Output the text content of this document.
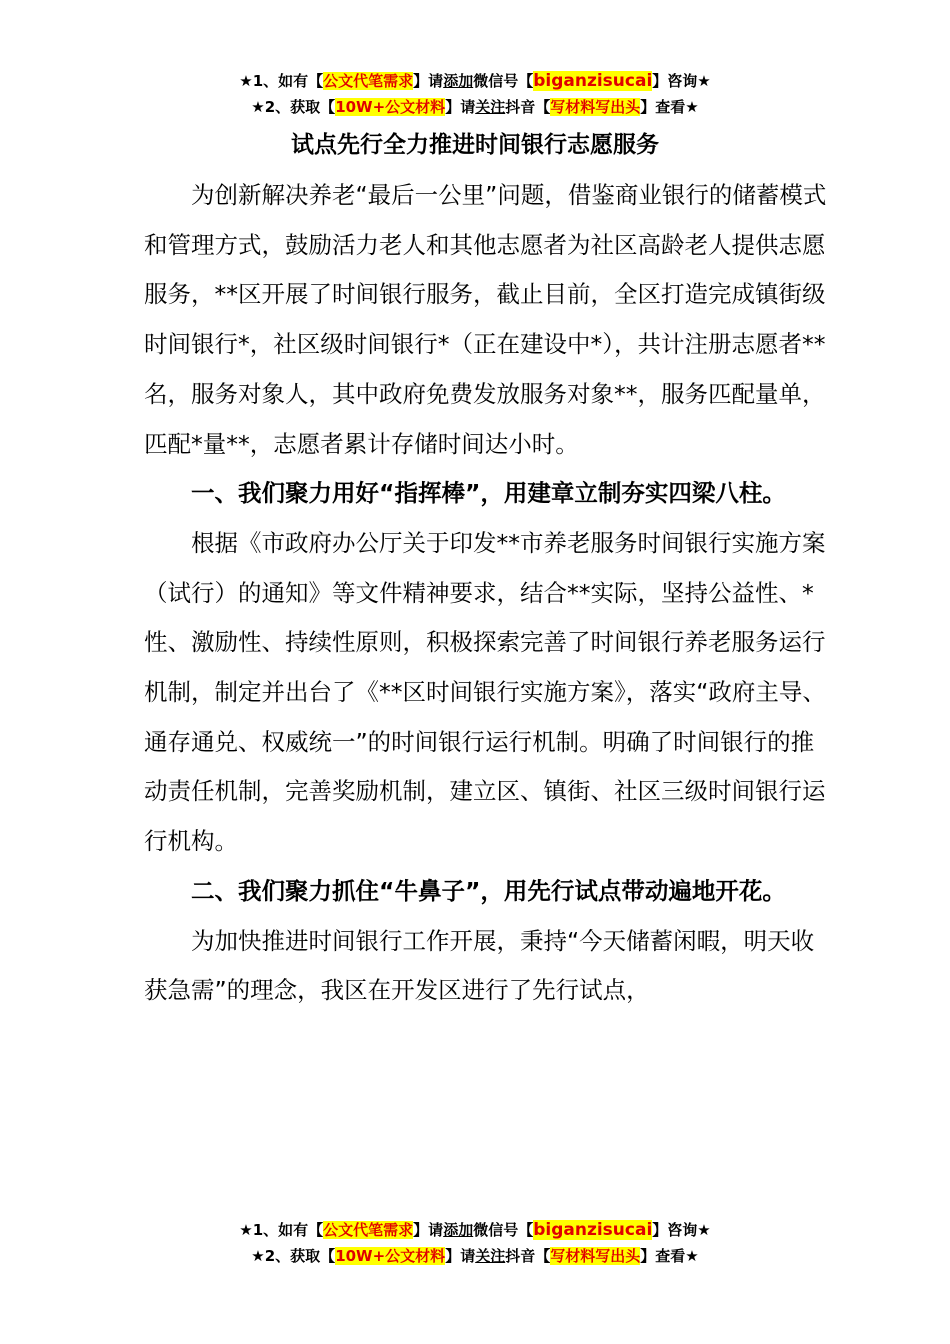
★1、如有【公文代笔需求】请添加微信号【biganzisucai】咨询★
★2、获取【10W+公文材料】请关注抖音【写材料写出头】查看★
试点先行全力推进时间银行志愿服务

为创新解决养老“最后一公里”问题，借鉴商业银行的储蓄模式和管理方式，鼓励活力老人和其他志愿者为社区高龄老人提供志愿服务，**区开展了时间银行服务，截止目前，全区打造完成镇街级时间银行*，社区级时间银行*（正在建设中*），共计注册志愿者**名，服务对象人，其中政府免费发放服务对象**，服务匹配量单，匹配*量**，志愿者累计存储时间达小时。

一、我们聚力用好“指挥棒”，用建章立制夯实四梁八柱。

根据《市政府办公厅关于印发**市养老服务时间银行实施方案（试行）的通知》等文件精神要求，结合**实际，坚持公益性、*性、激励性、持续性原则，积极探索完善了时间银行养老服务运行机制，制定并出台了《**区时间银行实施方案》，落实“政府主导、通存通兑、权威统一”的时间银行运行机制。明确了时间银行的推动责任机制，完善奖励机制，建立区、镇街、社区三级时间银行运行机构。

二、我们聚力抓住“牛鼻子”，用先行试点带动遍地开花。

为加快推进时间银行工作开展，秉持“今天储蓄闲暇，明天收获急需”的理念，我区在开发区进行了先行试点，

★1、如有【公文代笔需求】请添加微信号【biganzisucai】咨询★
★2、获取【10W+公文材料】请关注抖音【写材料写出头】查看★
